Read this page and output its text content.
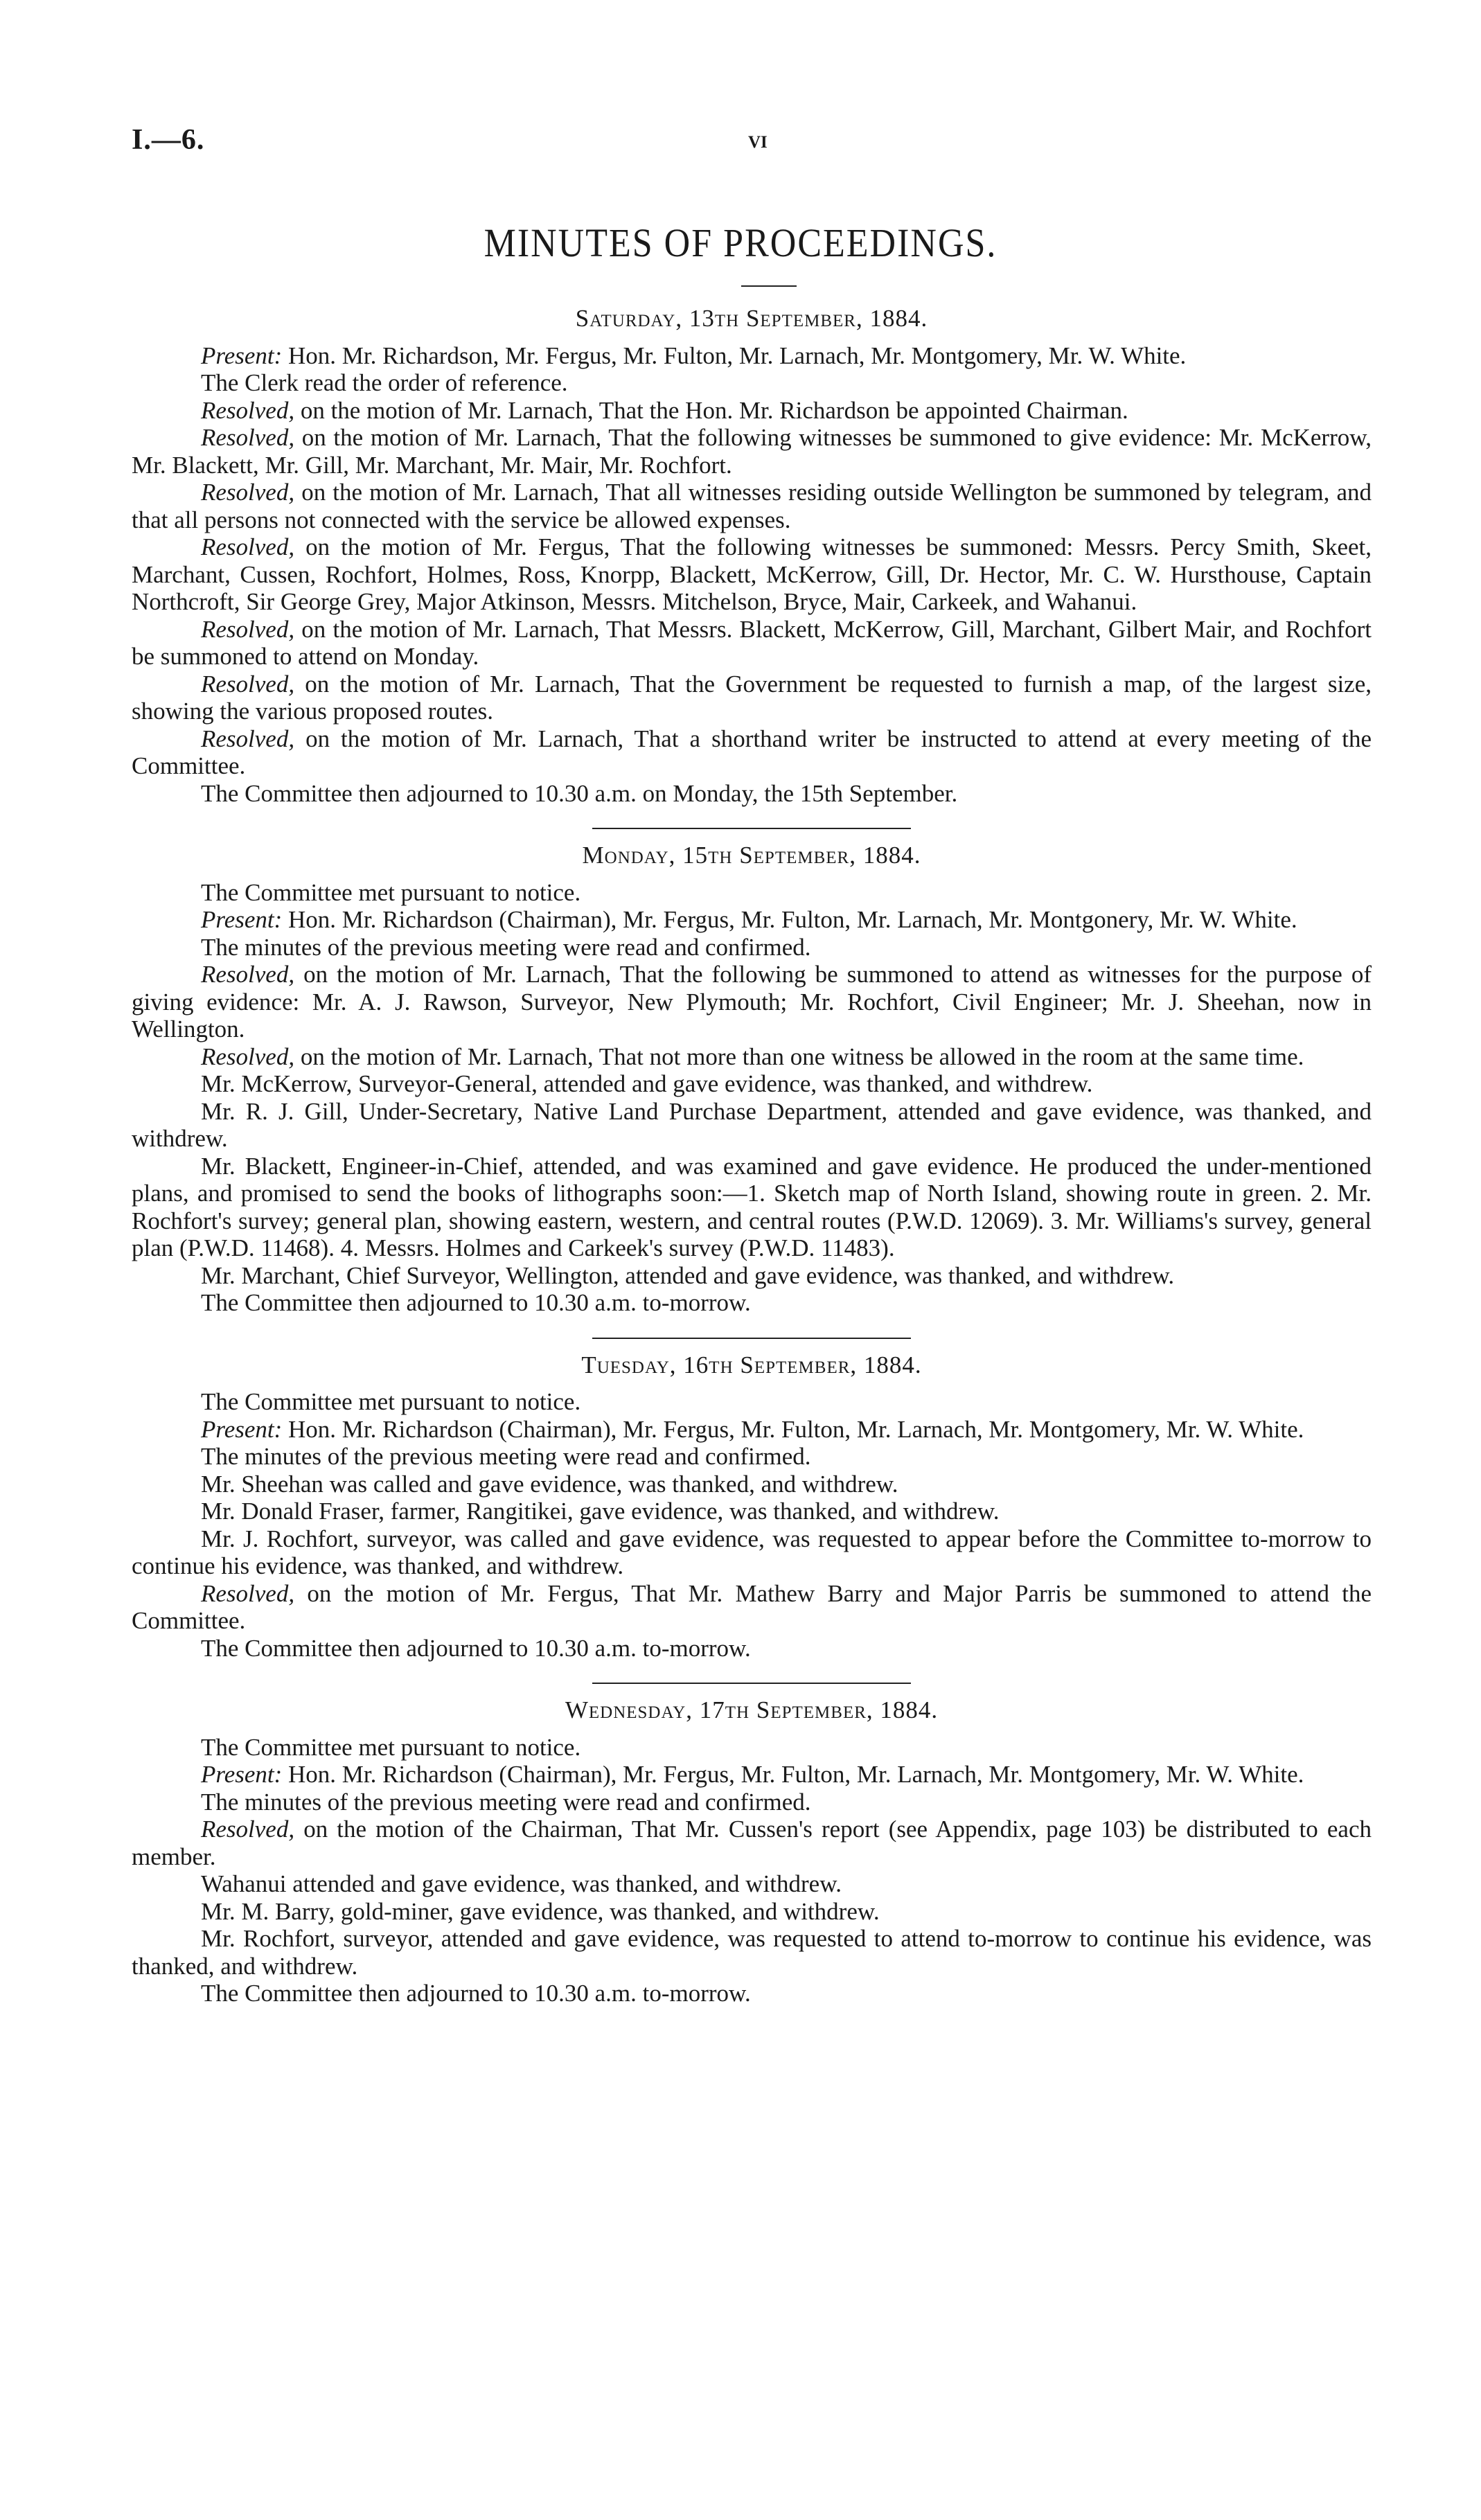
I.—6.	vi
MINUTES OF PROCEEDINGS.
Saturday, 13th September, 1884.

Present: Hon. Mr. Richardson, Mr. Fergus, Mr. Fulton, Mr. Larnach, Mr. Montgomery, Mr. W. White.

The Clerk read the order of reference.

Resolved, on the motion of Mr. Larnach, That the Hon. Mr. Richardson be appointed Chairman.

Resolved, on the motion of Mr. Larnach, That the following witnesses be summoned to give evidence: Mr. McKerrow, Mr. Blackett, Mr. Gill, Mr. Marchant, Mr. Mair, Mr. Rochfort.

Resolved, on the motion of Mr. Larnach, That all witnesses residing outside Wellington be summoned by telegram, and that all persons not connected with the service be allowed expenses.

Resolved, on the motion of Mr. Fergus, That the following witnesses be summoned: Messrs. Percy Smith, Skeet, Marchant, Cussen, Rochfort, Holmes, Ross, Knorpp, Blackett, McKerrow, Gill, Dr. Hector, Mr. C. W. Hursthouse, Captain Northcroft, Sir George Grey, Major Atkinson, Messrs. Mitchelson, Bryce, Mair, Carkeek, and Wahanui.

Resolved, on the motion of Mr. Larnach, That Messrs. Blackett, McKerrow, Gill, Marchant, Gilbert Mair, and Rochfort be summoned to attend on Monday.

Resolved, on the motion of Mr. Larnach, That the Government be requested to furnish a map, of the largest size, showing the various proposed routes.

Resolved, on the motion of Mr. Larnach, That a shorthand writer be instructed to attend at every meeting of the Committee.

The Committee then adjourned to 10.30 a.m. on Monday, the 15th September.

Monday, 15th September, 1884.

The Committee met pursuant to notice.

Present: Hon. Mr. Richardson (Chairman), Mr. Fergus, Mr. Fulton, Mr. Larnach, Mr. Montgonery, Mr. W. White.

The minutes of the previous meeting were read and confirmed.

Resolved, on the motion of Mr. Larnach, That the following be summoned to attend as witnesses for the purpose of giving evidence: Mr. A. J. Rawson, Surveyor, New Plymouth; Mr. Rochfort, Civil Engineer; Mr. J. Sheehan, now in Wellington.

Resolved, on the motion of Mr. Larnach, That not more than one witness be allowed in the room at the same time.

Mr. McKerrow, Surveyor-General, attended and gave evidence, was thanked, and withdrew.

Mr. R. J. Gill, Under-Secretary, Native Land Purchase Department, attended and gave evidence, was thanked, and withdrew.

Mr. Blackett, Engineer-in-Chief, attended, and was examined and gave evidence. He produced the under-mentioned plans, and promised to send the books of lithographs soon:—1. Sketch map of North Island, showing route in green. 2. Mr. Rochfort's survey; general plan, showing eastern, western, and central routes (P.W.D. 12069). 3. Mr. Williams's survey, general plan (P.W.D. 11468). 4. Messrs. Holmes and Carkeek's survey (P.W.D. 11483).

Mr. Marchant, Chief Surveyor, Wellington, attended and gave evidence, was thanked, and withdrew.

The Committee then adjourned to 10.30 a.m. to-morrow.

Tuesday, 16th September, 1884.

The Committee met pursuant to notice.

Present: Hon. Mr. Richardson (Chairman), Mr. Fergus, Mr. Fulton, Mr. Larnach, Mr. Montgomery, Mr. W. White.

The minutes of the previous meeting were read and confirmed.

Mr. Sheehan was called and gave evidence, was thanked, and withdrew.

Mr. Donald Fraser, farmer, Rangitikei, gave evidence, was thanked, and withdrew.

Mr. J. Rochfort, surveyor, was called and gave evidence, was requested to appear before the Committee to-morrow to continue his evidence, was thanked, and withdrew.

Resolved, on the motion of Mr. Fergus, That Mr. Mathew Barry and Major Parris be summoned to attend the Committee.

The Committee then adjourned to 10.30 a.m. to-morrow.

Wednesday, 17th September, 1884.

The Committee met pursuant to notice.

Present: Hon. Mr. Richardson (Chairman), Mr. Fergus, Mr. Fulton, Mr. Larnach, Mr. Montgomery, Mr. W. White.

The minutes of the previous meeting were read and confirmed.

Resolved, on the motion of the Chairman, That Mr. Cussen's report (see Appendix, page 103) be distributed to each member.

Wahanui attended and gave evidence, was thanked, and withdrew.

Mr. M. Barry, gold-miner, gave evidence, was thanked, and withdrew.

Mr. Rochfort, surveyor, attended and gave evidence, was requested to attend to-morrow to continue his evidence, was thanked, and withdrew.

The Committee then adjourned to 10.30 a.m. to-morrow.
